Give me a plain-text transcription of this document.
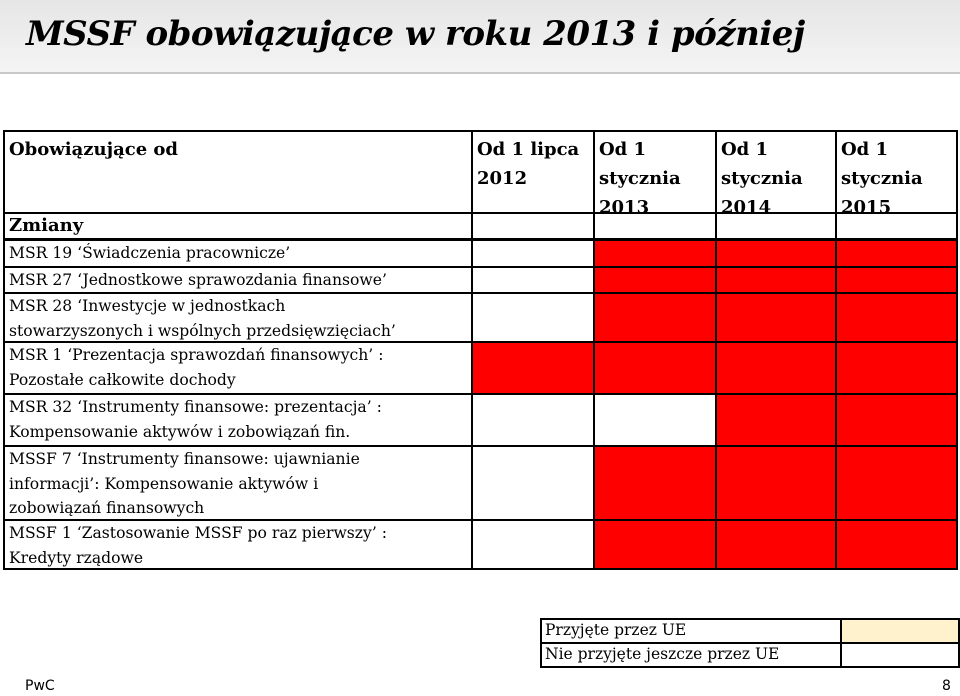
MSSF obowiązujące w roku 2013 i później
Obowiązujące od	Od 1 lipca
2012
Od 1
stycznia
2013
Od 1
stycznia
2014
Od 1
stycznia
2015
Zmiany
MSR 19 ‘Świadczenia pracownicze’
MSR 27 ‘Jednostkowe sprawozdania finansowe’
MSR 28 ‘Inwestycje w jednostkach
stowarzyszonych i wspólnych przedsięwzięciach’
MSR 1 ‘Prezentacja sprawozdań finansowych’ :
Pozostałe całkowite dochody
MSR 32 ‘Instrumenty finansowe: prezentacja’ :
Kompensowanie aktywów i zobowiązań fin.
MSSF 7 ‘Instrumenty finansowe: ujawnianie
informacji’: Kompensowanie aktywów i
zobowiązań finansowych
MSSF 1 ‘Zastosowanie MSSF po raz pierwszy’ :
Kredyty rządowe
Przyjęte przez UE
Nie przyjęte jeszcze przez UE
PwC	8
